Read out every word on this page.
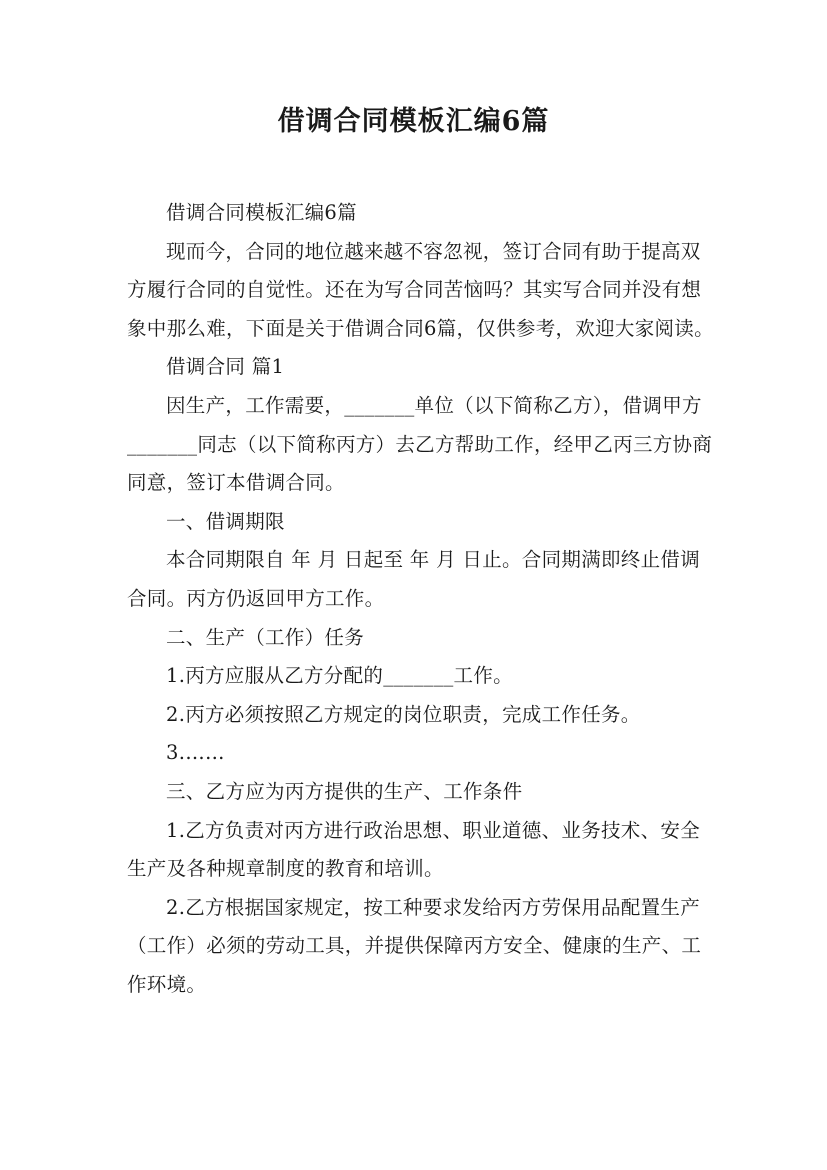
借调合同模板汇编6篇

借调合同模板汇编6篇

现而今，合同的地位越来越不容忽视，签订合同有助于提高双方履行合同的自觉性。还在为写合同苦恼吗？其实写合同并没有想象中那么难，下面是关于借调合同6篇，仅供参考，欢迎大家阅读。

借调合同 篇1

因生产，工作需要，_______单位（以下简称乙方），借调甲方_______同志（以下简称丙方）去乙方帮助工作，经甲乙丙三方协商同意，签订本借调合同。

一、借调期限

本合同期限自 年 月 日起至 年 月 日止。合同期满即终止借调合同。丙方仍返回甲方工作。

二、生产（工作）任务

1.丙方应服从乙方分配的_______工作。

2.丙方必须按照乙方规定的岗位职责，完成工作任务。

3.……

三、乙方应为丙方提供的生产、工作条件

1.乙方负责对丙方进行政治思想、职业道德、业务技术、安全生产及各种规章制度的教育和培训。

2.乙方根据国家规定，按工种要求发给丙方劳保用品配置生产（工作）必须的劳动工具，并提供保障丙方安全、健康的生产、工作环境。
